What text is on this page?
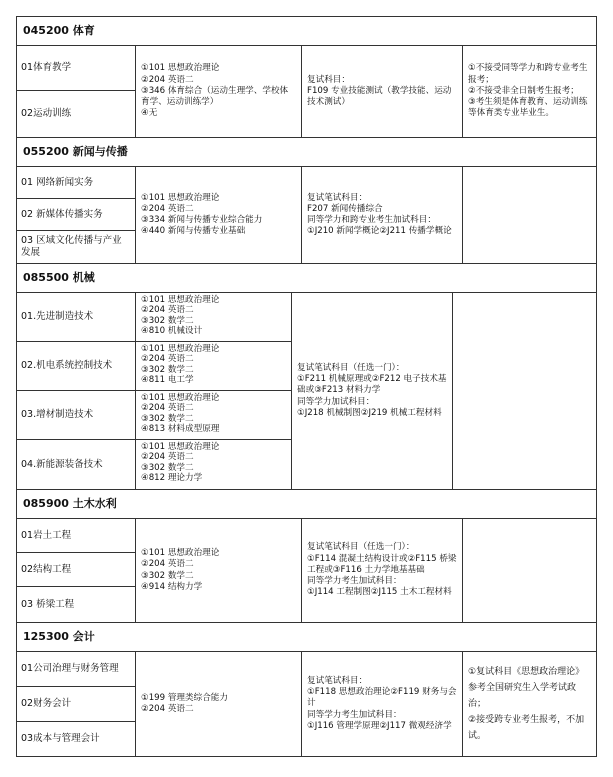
045200 体育
01体育教学
02运动训练
①101 思想政治理论
②204 英语二
③346 体育综合（运动生理学、学校体育学、运动训练学）
④无
复试科目：
F109 专业技能测试（教学技能、运动技术测试）
①不接受同等学力和跨专业考生报考；
②不接受非全日制考生报考；
③考生须是体育教育、运动训练等体育类专业毕业生。
055200 新闻与传播
01 网络新闻实务
02 新媒体传播实务
03 区域文化传播与产业发展
①101 思想政治理论
②204 英语二
③334 新闻与传播专业综合能力
④440 新闻与传播专业基础
复试笔试科目：
F207 新闻传播综合
同等学力和跨专业考生加试科目：
①J210 新闻学概论②J211 传播学概论
085500 机械
01.先进制造技术
02.机电系统控制技术
03.增材制造技术
04.新能源装备技术
①101 思想政治理论
②204 英语二
③302 数学二
④810 机械设计
①101 思想政治理论
②204 英语二
③302 数学二
④811 电工学
①101 思想政治理论
②204 英语二
③302 数学二
④813 材料成型原理
①101 思想政治理论
②204 英语二
③302 数学二
④812 理论力学
复试笔试科目（任选一门）：
①F211 机械原理或②F212 电子技术基础或③F213 材料力学
同等学力加试科目：
①J218 机械制图②J219 机械工程材料
085900 土木水利
01岩土工程
02结构工程
03 桥梁工程
①101 思想政治理论
②204 英语二
③302 数学二
④914 结构力学
复试笔试科目（任选一门）：
①F114 混凝土结构设计或②F115 桥梁工程或③F116 土力学地基基础
同等学力考生加试科目：
①J114 工程制图②J115 土木工程材料
125300 会计
01公司治理与财务管理
02财务会计
03成本与管理会计
①199 管理类综合能力
②204 英语二
复试笔试科目：
①F118 思想政治理论②F119 财务与会计
同等学力考生加试科目：
①J116 管理学原理②J117 微观经济学
①复试科目《思想政治理论》参考全国研究生入学考试政治；
②接受跨专业考生报考，不加试。
